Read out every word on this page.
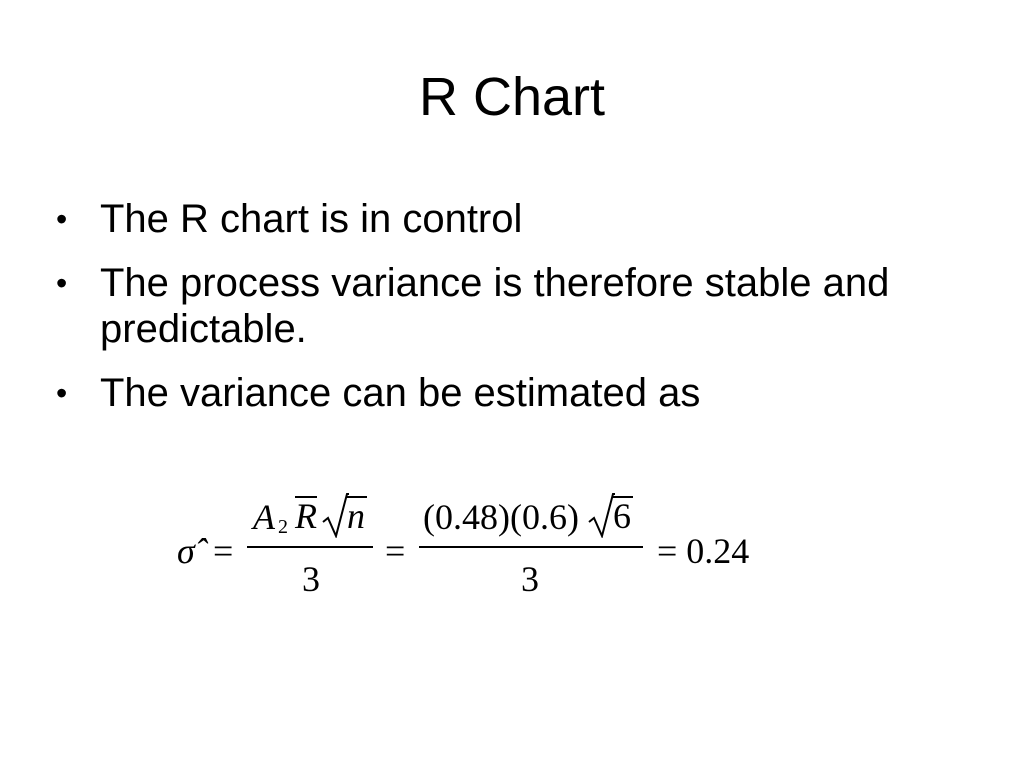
R Chart
• The R chart is in control
• The process variance is therefore stable and predictable.
• The variance can be estimated as
σ̂ =
A 2 R n
3
=
(0.48)(0.6) 6
3
= 0.24
